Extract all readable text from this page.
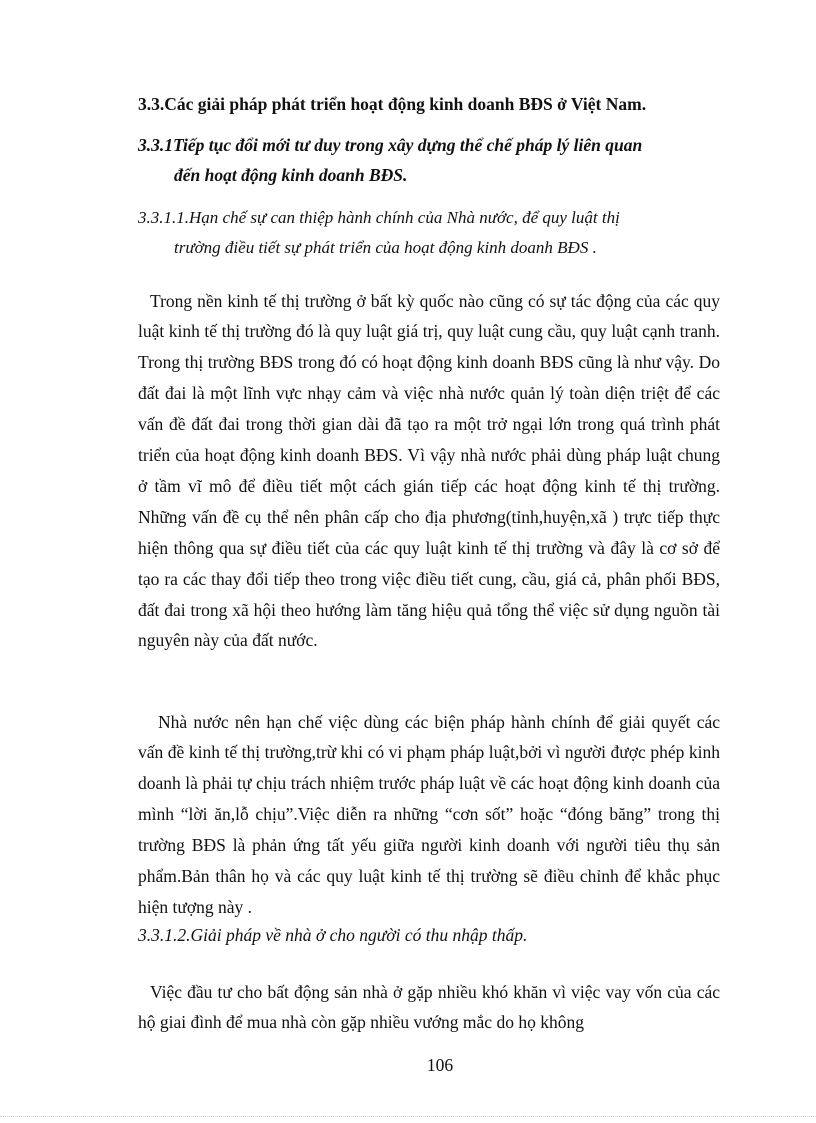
3.3.Các giải pháp phát triển hoạt động kinh doanh BĐS ở Việt Nam.
3.3.1Tiếp tục đổi mới tư duy trong xây dựng thể chế pháp lý liên quan
đến hoạt động kinh doanh BĐS.
3.3.1.1.Hạn chế sự can thiệp hành chính của Nhà nước, để quy luật thị
trường điều tiết sự phát triển của hoạt động kinh doanh BĐS .

Trong nền kinh tế thị trường ở bất kỳ quốc nào cũng có sự tác động của các quy luật kinh tế thị trường đó là quy luật giá trị, quy luật cung cầu, quy luật cạnh tranh. Trong thị trường BĐS trong đó có hoạt động kinh doanh BĐS cũng là như vậy. Do đất đai là một lĩnh vực nhạy cảm và việc nhà nước quản lý toàn diện triệt để các vấn đề đất đai trong thời gian dài đã tạo ra một trở ngại lớn trong quá trình phát triển của hoạt động kinh doanh BĐS. Vì vậy nhà nước phải dùng pháp luật chung ở tầm vĩ mô để điều tiết một cách gián tiếp các hoạt động kinh tế thị trường. Những vấn đề cụ thể nên phân cấp cho địa phương(tỉnh,huyện,xã ) trực tiếp thực hiện thông qua sự điều tiết của các quy luật kinh tế thị trường và đây là cơ sở để tạo ra các thay đổi tiếp theo trong việc điều tiết cung, cầu, giá cả, phân phối BĐS, đất đai trong xã hội theo hướng làm tăng hiệu quả tổng thể việc sử dụng nguồn tài nguyên này của đất nước.

Nhà nước nên hạn chế việc dùng các biện pháp hành chính để giải quyết các vấn đề kinh tế thị trường,trừ khi có vi phạm pháp luật,bởi vì người được phép kinh doanh là phải tự chịu trách nhiệm trước pháp luật về các hoạt động kinh doanh của mình “lời ăn,lỗ chịu”.Việc diễn ra những “cơn sốt” hoặc “đóng băng” trong thị trường BĐS là phản ứng tất yếu giữa người kinh doanh với người tiêu thụ sản phẩm.Bản thân họ và các quy luật kinh tế thị trường sẽ điều chỉnh để khắc phục hiện tượng này .

3.3.1.2.Giải pháp về nhà ở cho người có thu nhập thấp.

Việc đầu tư cho bất động sản nhà ở gặp nhiều khó khăn vì việc vay vốn của các hộ giai đình để mua nhà còn gặp nhiều vướng mắc do họ không

106
